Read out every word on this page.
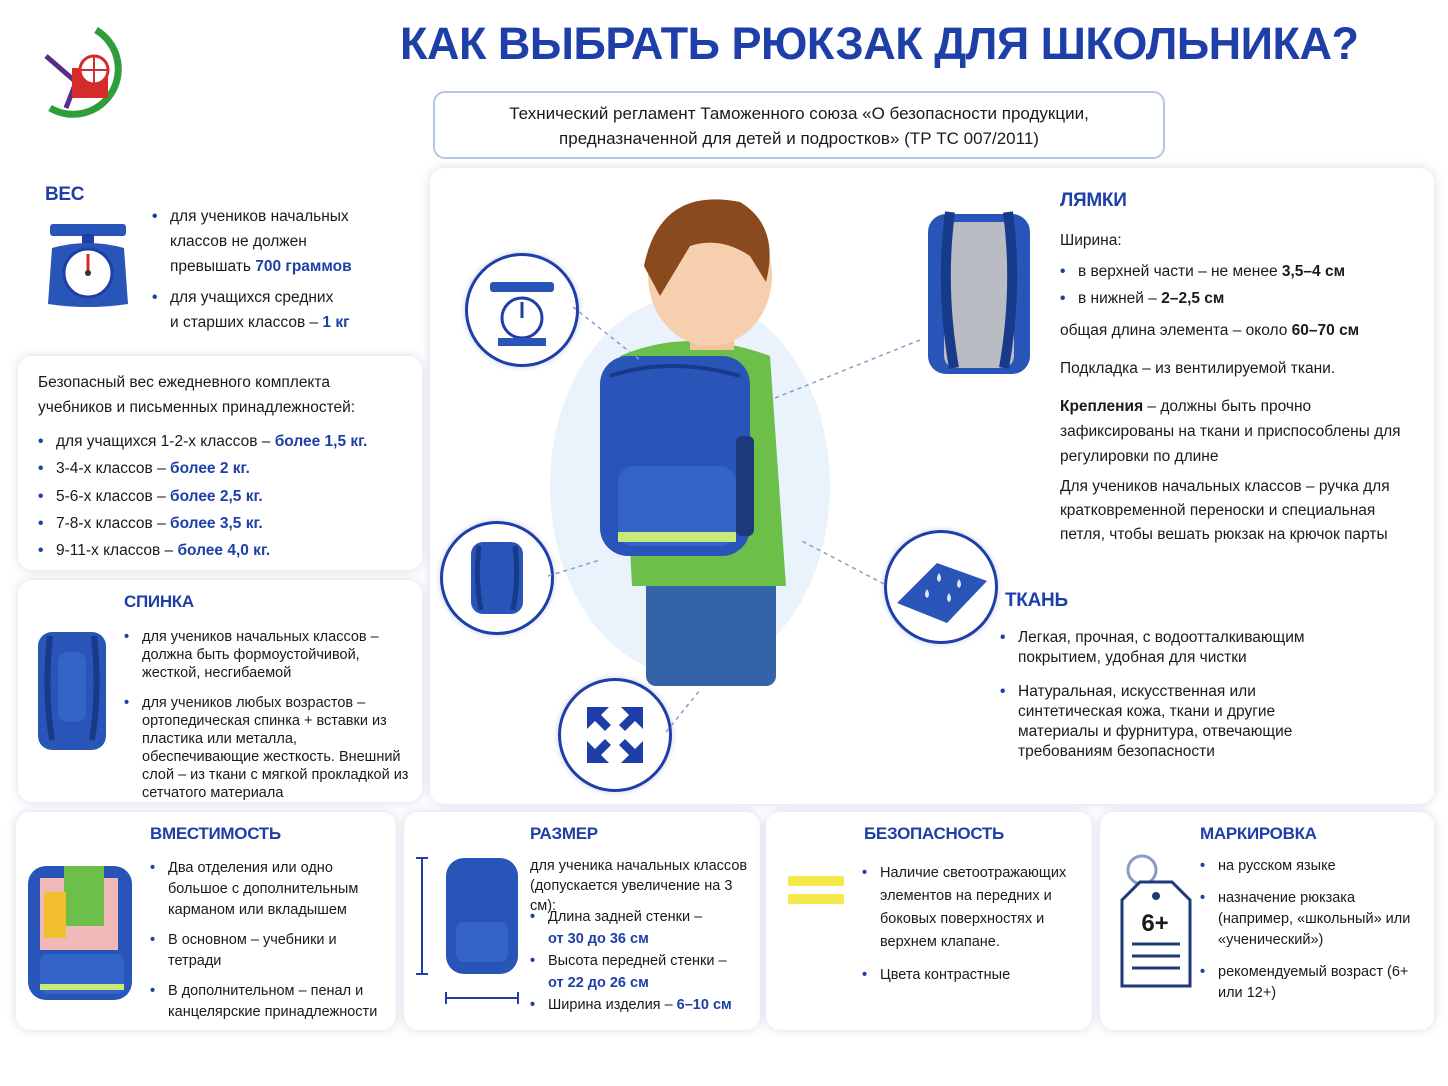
КАК ВЫБРАТЬ РЮКЗАК ДЛЯ ШКОЛЬНИКА?
Технический регламент Таможенного союза «О безопасности продукции,
предназначенной для детей и подростков» (ТР ТС 007/2011)
ВЕС
• для учеников начальных
классов не должен
превышать 700 граммов
• для учащихся средних
и старших классов – 1 кг
Безопасный вес ежедневного комплекта
учебников и письменных принадлежностей:
• для учащихся 1-2-х классов – более 1,5 кг.
• 3-4-х классов – более 2 кг.
• 5-6-х классов – более 2,5 кг.
• 7-8-х классов – более 3,5 кг.
• 9-11-х классов – более 4,0 кг.
СПИНКА
• для учеников начальных классов – должна быть формоустойчивой, жесткой, несгибаемой
• для учеников любых возрастов – ортопедическая спинка + вставки из пластика или металла, обеспечивающие жесткость. Внешний слой – из ткани с мягкой прокладкой из сетчатого материала
ЛЯМКИ
Ширина:
• в верхней части – не менее 3,5–4 см
• в нижней – 2–2,5 см
общая длина элемента – около 60–70 см
Подкладка – из вентилируемой ткани.
Крепления – должны быть прочно зафиксированы на ткани и приспособлены для регулировки по длине
Для учеников начальных классов – ручка для кратковременной переноски и специальная петля, чтобы вешать рюкзак на крючок парты
ТКАНЬ
• Легкая, прочная, с водоотталкивающим покрытием, удобная для чистки
• Натуральная, искусственная или синтетическая кожа, ткани и другие материалы и фурнитура, отвечающие требованиям безопасности
ВМЕСТИМОСТЬ
• Два отделения или одно большое с дополнительным карманом или вкладышем
• В основном – учебники и тетради
• В дополнительном – пенал и канцелярские принадлежности
РАЗМЕР
для ученика начальных классов (допускается увеличение на 3 см):
• Длина задней стенки –
от 30 до 36 см
• Высота передней стенки –
от 22 до 26 см
• Ширина изделия – 6–10 см
БЕЗОПАСНОСТЬ
• Наличие светоотражающих элементов на передних и боковых поверхностях и верхнем клапане.
• Цвета контрастные
МАРКИРОВКА
6+
• на русском языке
• назначение рюкзака (например, «школьный» или «ученический»)
• рекомендуемый возраст (6+ или 12+)
